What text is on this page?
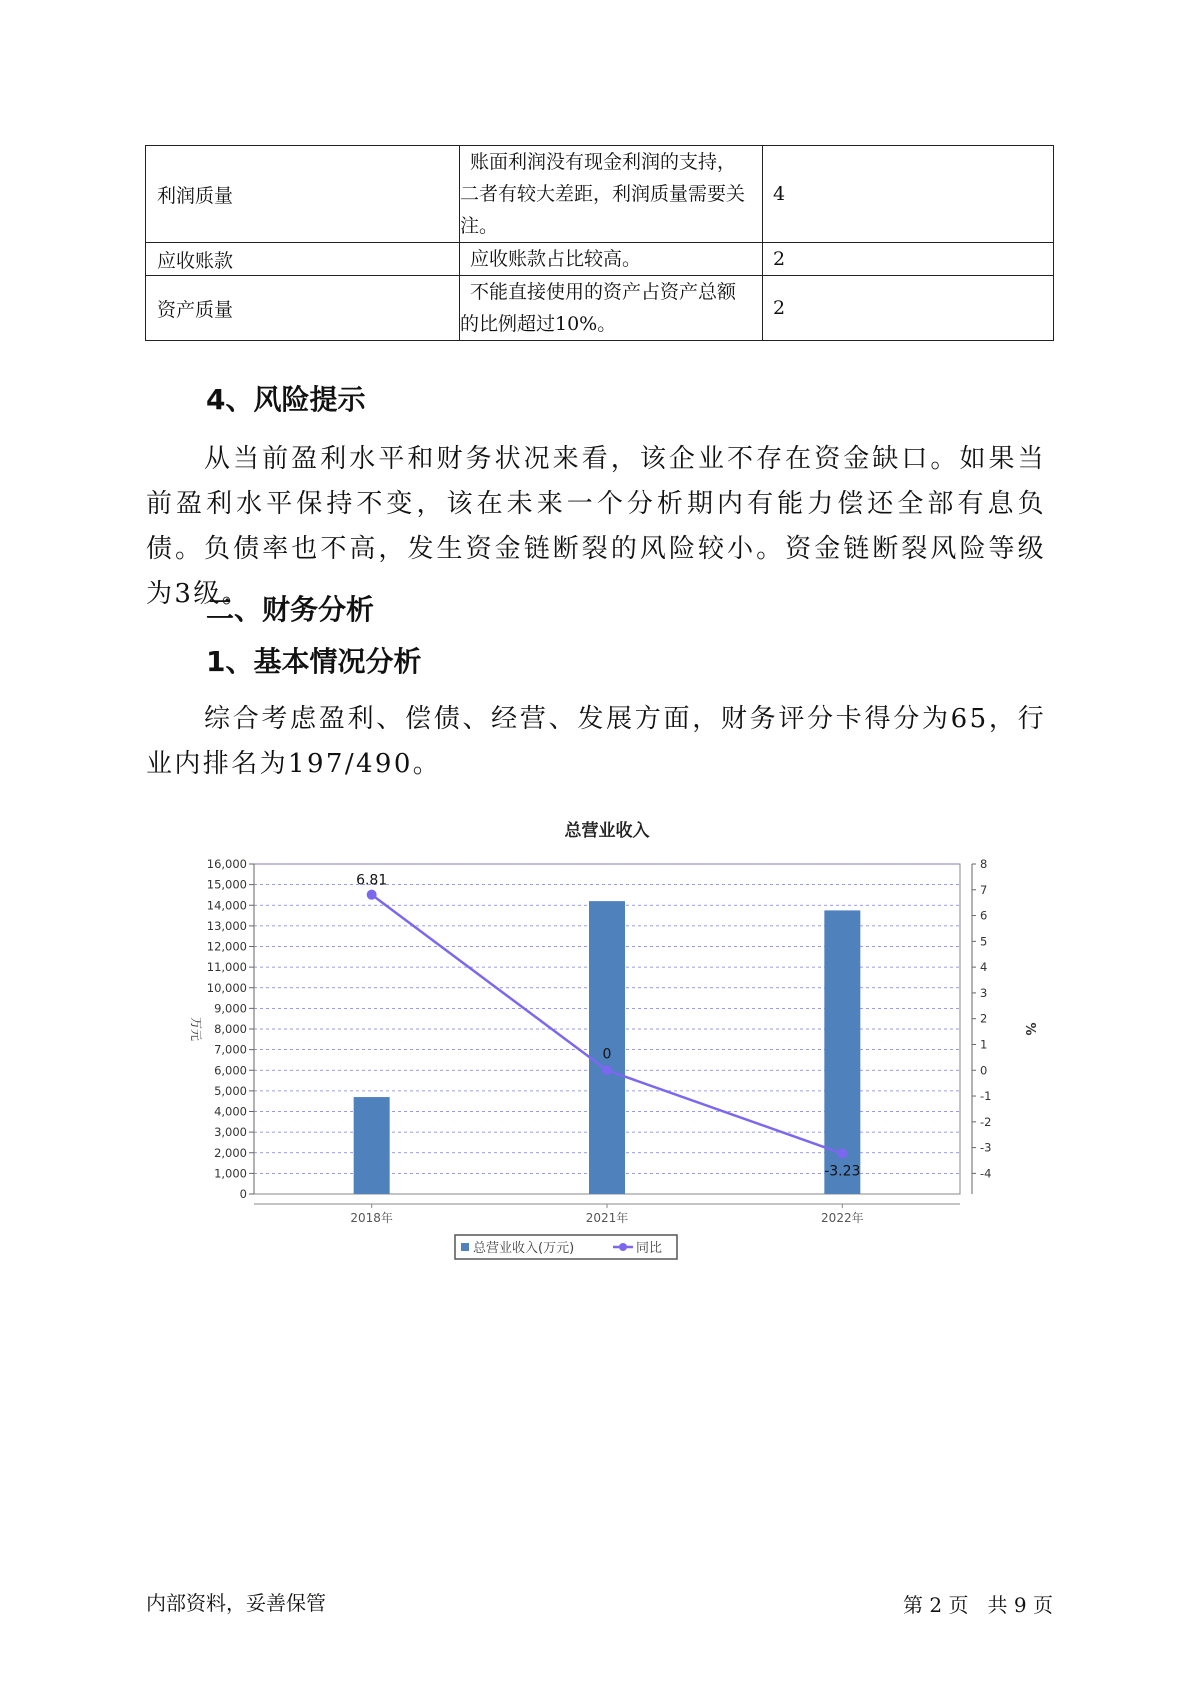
利润质量	账面利润没有现金利润的支持，
二者有较大差距，利润质量需要关
注。	4
应收账款	应收账款占比较高。	2
资产质量	不能直接使用的资产占资产总额
的比例超过10%。	2
4、风险提示

从当前盈利水平和财务状况来看，该企业不存在资金缺口。如果当前盈利水平保持不变，该在未来一个分析期内有能力偿还全部有息负债。负债率也不高，发生资金链断裂的风险较小。资金链断裂风险等级为3级。

二、财务分析
1、基本情况分析

综合考虑盈利、偿债、经营、发展方面，财务评分卡得分为65，行业内排名为197/490。

总营业收入
0
1,000
2,000
3,000
4,000
5,000
6,000
7,000
8,000
9,000
10,000
11,000
12,000
13,000
14,000
15,000
16,000
-4
-3
-2
-1
0
1
2
3
4
5
6
7
8
万元	%
2018年	2021年	2022年
6.81
0
-3.23
总营业收入(万元)	同比
内部资料，妥善保管	第 2 页   共 9 页
